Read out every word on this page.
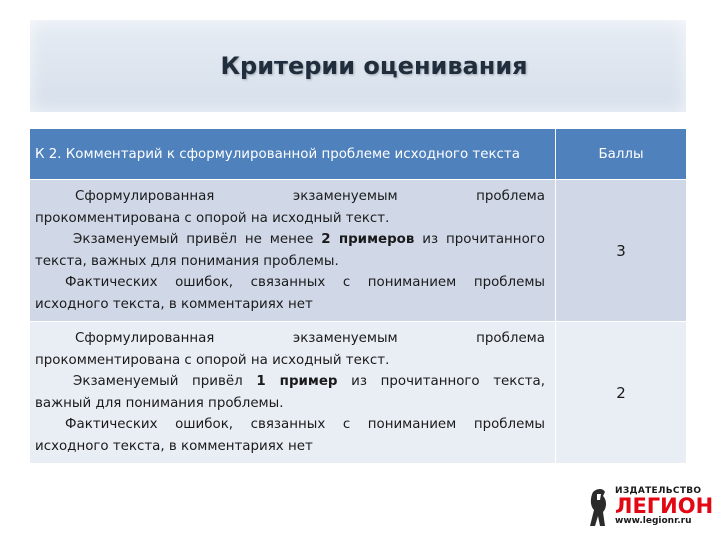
Критерии оценивания
К 2. Комментарий к сформулированной проблеме исходного текста	Баллы

Сформулированная экзаменуемым проблема прокомментирована с опорой на исходный текст.
Экзаменуемый привёл не менее 2 примеров из прочитанного текста, важных для понимания проблемы.
Фактических ошибок, связанных с пониманием проблемы исходного текста, в комментариях нет	3

Сформулированная экзаменуемым проблема прокомментирована с опорой на исходный текст.
Экзаменуемый привёл 1 пример из прочитанного текста, важный для понимания проблемы.
Фактических ошибок, связанных с пониманием проблемы исходного текста, в комментариях нет	2
ИЗДАТЕЛЬСТВО
ЛЕГИОН
www.legionr.ru
